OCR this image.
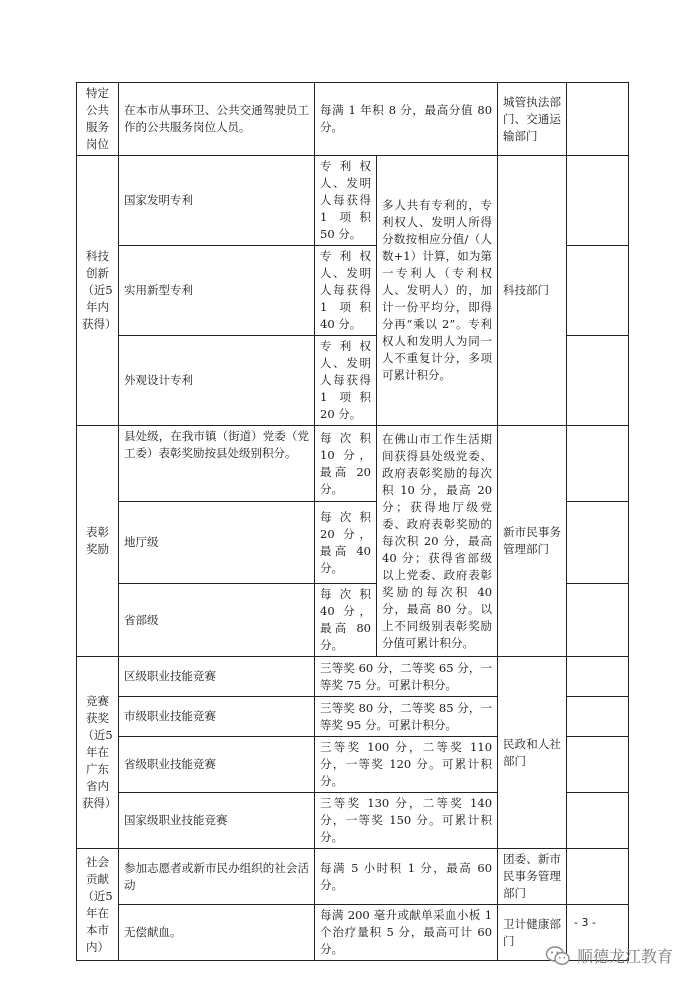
特定公共服务岗位	在本市从事环卫、公共交通驾驶员工作的公共服务岗位人员。	每满 1 年积 8 分，最高分值 80 分。		城管执法部门、交通运输部门	
科技创新（近5年内获得）	国家发明专利	专利权人、发明人每获得 1 项积 50 分。	多人共有专利的，专利权人、发明人所得分数按相应分值/（人数+1）计算，如为第一专利人（专利权人、发明人）的，加计一份平均分，即得分再“乘以 2”。专利权人和发明人为同一人不重复计分，多项可累计积分。	科技部门	
	实用新型专利	专利权人、发明人每获得 1 项积 40 分。			
	外观设计专利	专利权人、发明人每获得 1 项积 20 分。			
表彰奖励	县处级，在我市镇（街道）党委（党工委）表彰奖励按县处级别积分。	每次积 10 分，最高 20 分。	在佛山市工作生活期间获得县处级党委、政府表彰奖励的每次积 10 分，最高 20 分；获得地厅级党委、政府表彰奖励的每次积 20 分，最高 40 分；获得省部级以上党委、政府表彰奖励的每次积 40 分，最高 80 分。以上不同级别表彰奖励分值可累计积分。	新市民事务管理部门	
	地厅级	每次积 20 分，最高 40 分。			
	省部级	每次积 40 分，最高 80 分。			
竞赛获奖（近5年在广东省内获得）	区级职业技能竞赛	三等奖 60 分，二等奖 65 分，一等奖 75 分。可累计积分。		民政和人社部门	
	市级职业技能竞赛	三等奖 80 分，二等奖 85 分，一等奖 95 分。可累计积分。			
	省级职业技能竞赛	三等奖 100 分，二等奖 110 分，一等奖 120 分。可累计积分。			
	国家级职业技能竞赛	三等奖 130 分，二等奖 140 分，一等奖 150 分。可累计积分。			
社会贡献（近5年在本市内）	参加志愿者或新市民办组织的社会活动	每满 5 小时积 1 分，最高 60 分。		团委、新市民事务管理部门	
	无偿献血。	每满 200 毫升或献单采血小板 1 个治疗量积 5 分，最高可计 60 分。		卫计健康部门	
- 3 -
顺德龙江教育
